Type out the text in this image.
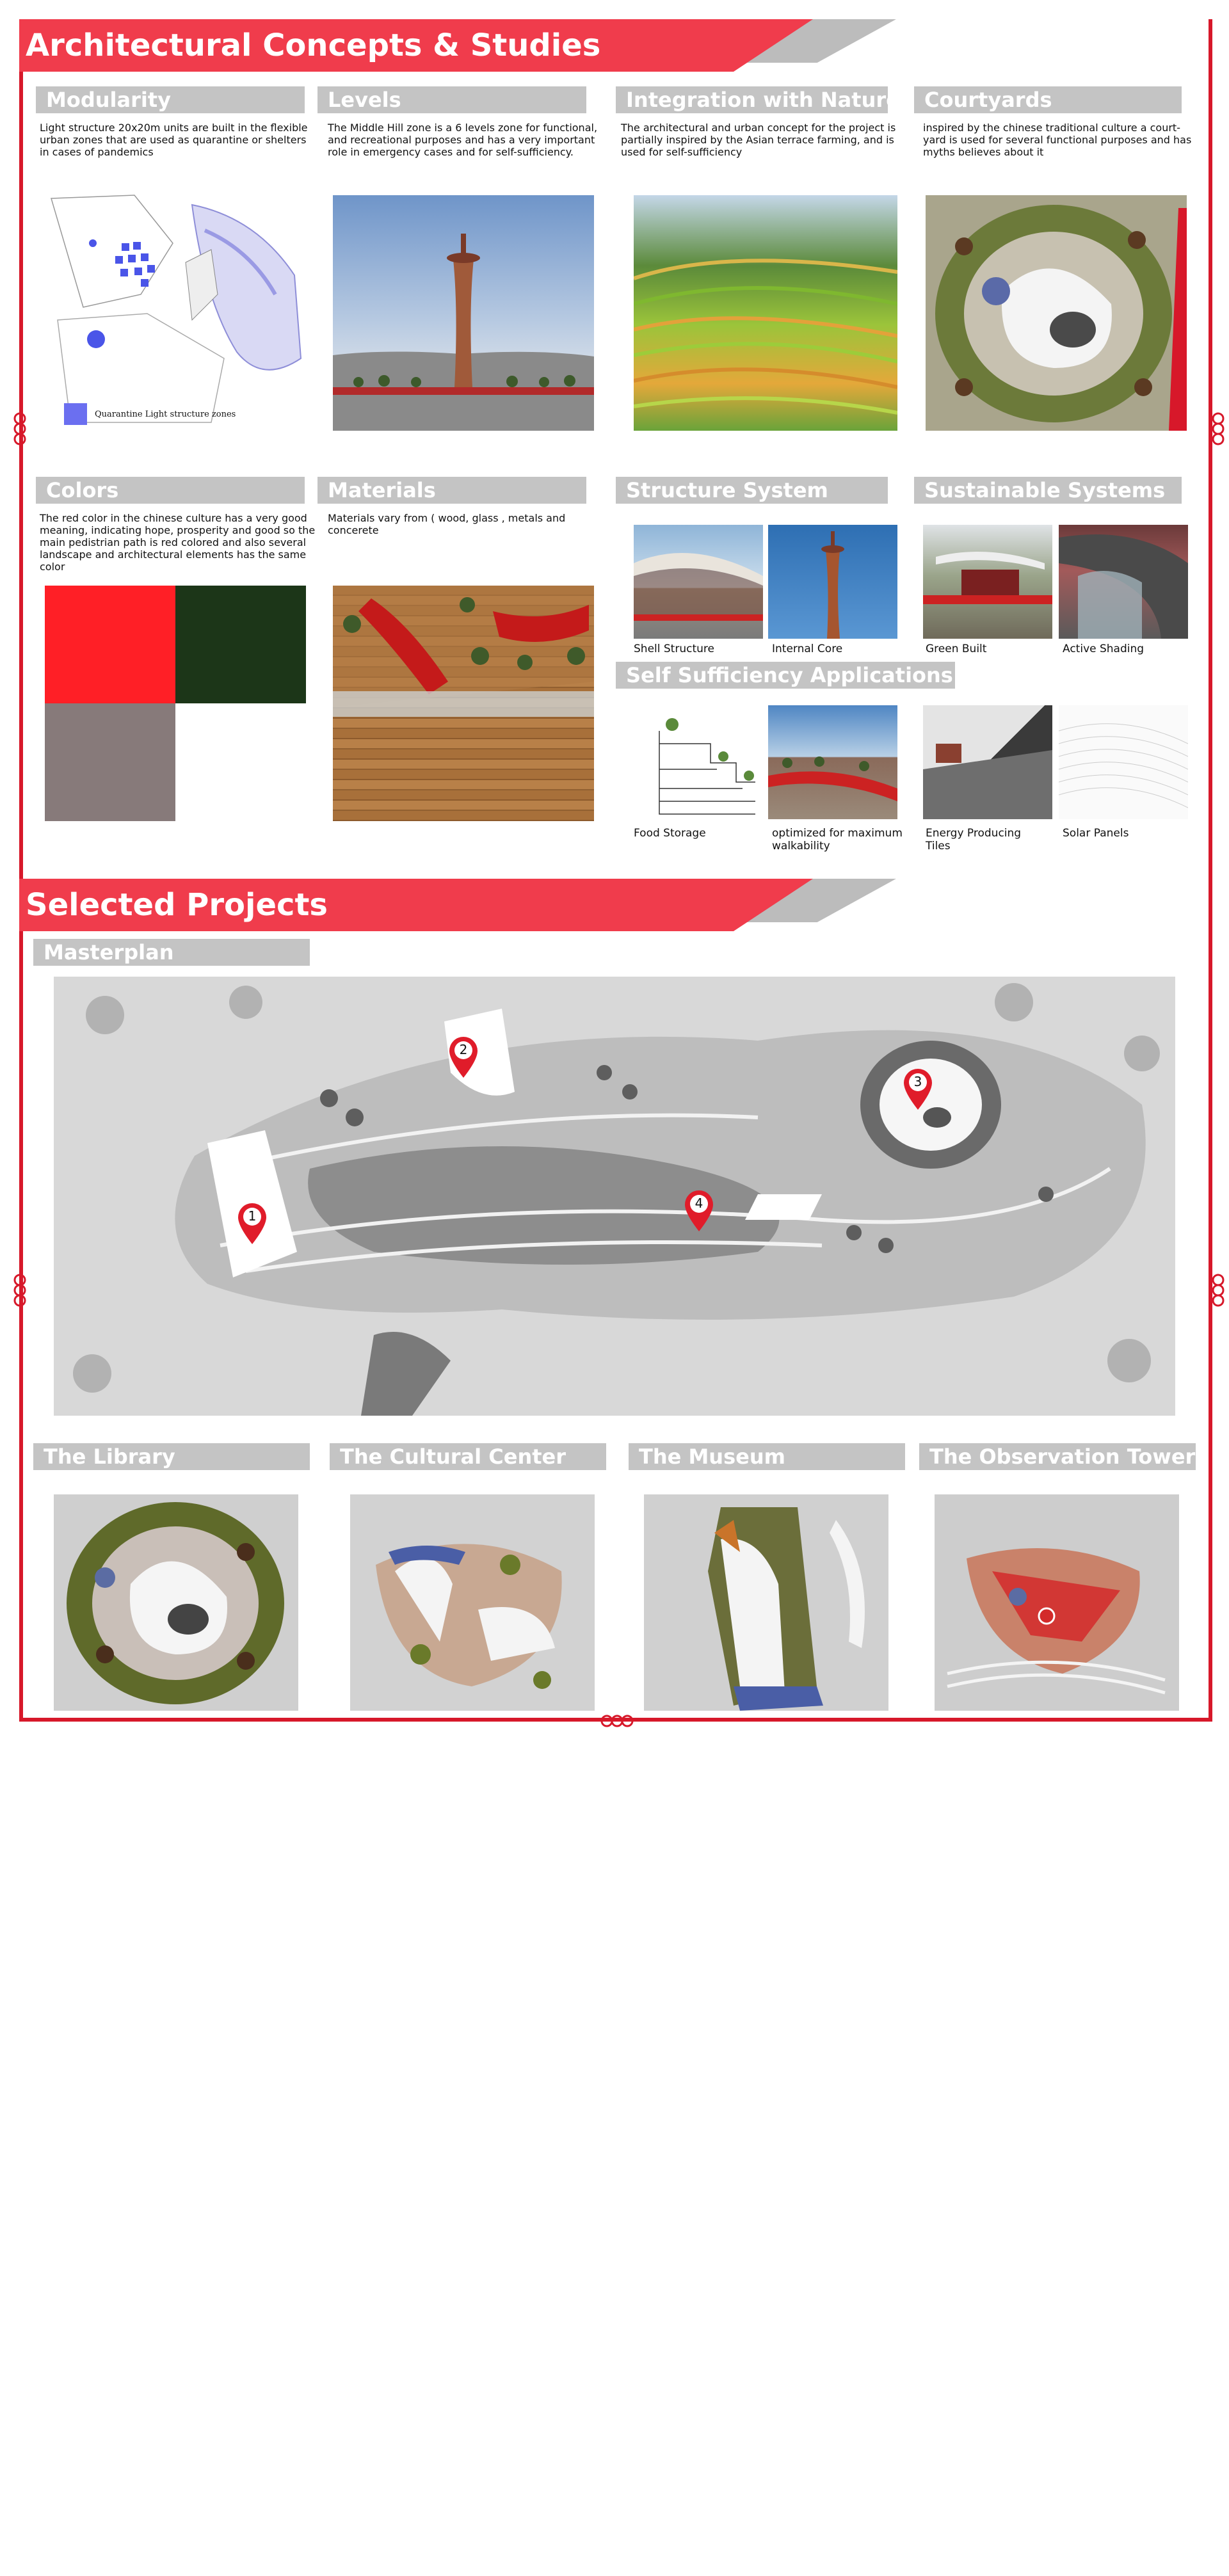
Architectural Concepts & Studies
Modularity	Levels	Integration with Nature	Courtyards
Light structure 20x20m units are built in the flexible urban zones that are used as quarantine or shelters in cases of pandemics
The Middle Hill zone is a 6 levels zone for functional, and recreational purposes and has a very important role in emergency cases and for self-sufficiency.
The architectural and urban concept for the project is partially inspired by the Asian terrace farming, and is used for self-sufficiency
inspired by the chinese traditional culture a court-yard is used for several functional purposes and has myths believes about it
Quarantine Light structure zones
Colors	Materials	Structure System	Sustainable Systems
The red color in the chinese culture has a very good meaning, indicating hope, prosperity and good so the main pedistrian path is red colored and also several landscape and architectural elements has the same color
Materials vary from ( wood, glass , metals and concerete
Shell Structure	Internal Core	Green Built	Active Shading
Self Sufficiency Applications
Food Storage	optimized for maximum walkability
Energy Producing Tiles
Solar Panels
Selected Projects
Masterplan
1
2
3
4
The Library	The Cultural Center	The Museum	The Observation Tower
